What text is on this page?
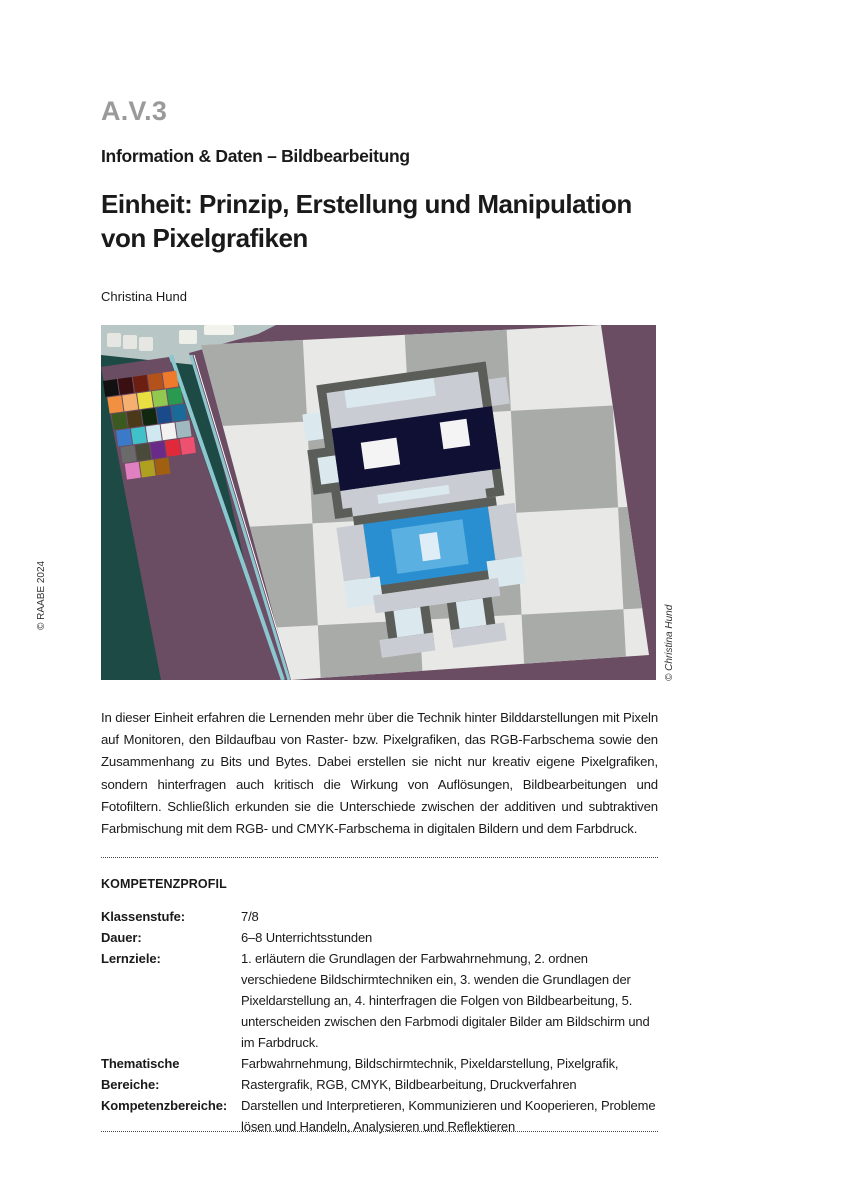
A.V.3
Information & Daten – Bildbearbeitung
Einheit: Prinzip, Erstellung und Manipulation von Pixelgrafiken
Christina Hund
© RAABE 2024
© Christina Hund

In dieser Einheit erfahren die Lernenden mehr über die Technik hinter Bilddarstellungen mit Pixeln auf Monitoren, den Bildaufbau von Raster- bzw. Pixelgrafiken, das RGB-Farbschema sowie den Zusammenhang zu Bits und Bytes. Dabei erstellen sie nicht nur kreativ eigene Pixelgrafiken, sondern hinterfragen auch kritisch die Wirkung von Auflösungen, Bildbearbeitungen und Fotofiltern. Schließlich erkunden sie die Unterschiede zwischen der additiven und subtraktiven Farbmischung mit dem RGB- und CMYK-Farbschema in digitalen Bildern und dem Farbdruck.

KOMPETENZPROFIL
Klassenstufe:	7/8
Dauer:	6–8 Unterrichtsstunden
Lernziele:	1. erläutern die Grundlagen der Farbwahrnehmung, 2. ordnen verschiedene Bildschirmtechniken ein, 3. wenden die Grundlagen der Pixeldarstellung an, 4. hinterfragen die Folgen von Bildbearbeitung, 5. unterscheiden zwischen den Farbmodi digitaler Bilder am Bildschirm und im Farbdruck.
Thematische Bereiche:
Farbwahrnehmung, Bildschirmtechnik, Pixeldarstellung, Pixelgrafik, Rastergrafik, RGB, CMYK, Bildbearbeitung, Druckverfahren
Kompetenzbereiche:	Darstellen und Interpretieren, Kommunizieren und Kooperieren, Probleme lösen und Handeln, Analysieren und Reflektieren
